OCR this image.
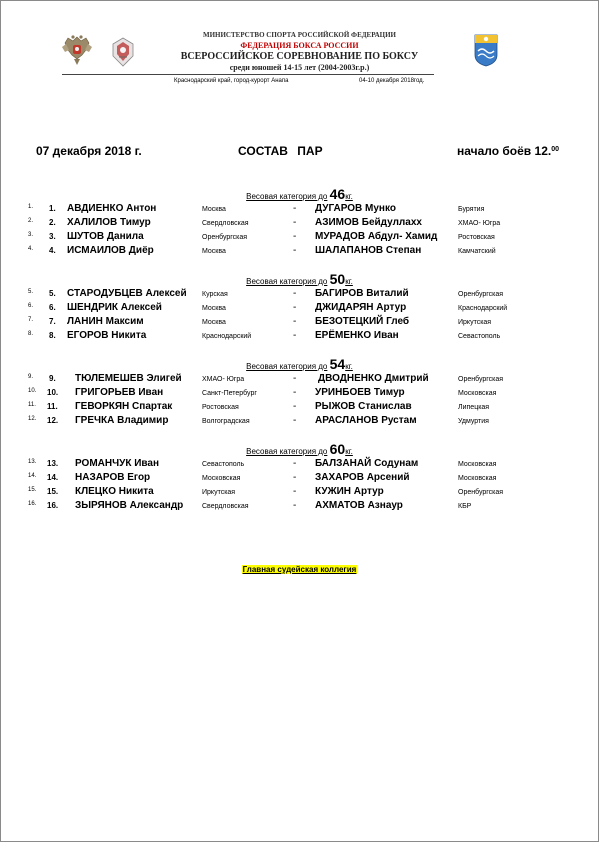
МИНИСТЕРСТВО СПОРТА РОССИЙСКОЙ ФЕДЕРАЦИИ
ФЕДЕРАЦИЯ БОКСА РОССИИ
ВСЕРОССИЙСКОЕ СОРЕВНОВАНИЕ ПО БОКСУ
среди юношей 14-15 лет (2004-2003г.р.)
Краснодарский край, город-курорт Анапа	04-10 декабря 2018год.
07 декабря 2018 г.	СОСТАВ ПАР	начало боёв 12.00
Весовая категория до 46кг.
1. 1. АВДИЕНКО Антон	Москва	- ДУГАРОВ Мунко	Бурятия
2. 2. ХАЛИЛОВ Тимур	Свердловская	- АЗИМОВ Бейдуллахх	ХМАО- Югра
3. 3. ШУТОВ Данила	Оренбургская	- МУРАДОВ Абдул- Хамид	Ростовская
4. 4. ИСМАИЛОВ Диёр	Москва	- ШАЛАПАНОВ Степан	Камчатский
Весовая категория до 50кг.
5. 5. СТАРОДУБЦЕВ Алексей Курская	- БАГИРОВ Виталий	Оренбургская
6. 6. ШЕНДРИК Алексей	Москва	- ДЖИДАРЯН Артур	Краснодарский
7. 7. ЛАНИН Максим	Москва	- БЕЗОТЕЦКИЙ Глеб	Иркутская
8. 8. ЕГОРОВ Никита	Краснодарский	- ЕРЁМЕНКО Иван	Севастополь
Весовая категория до 54кг.
9. 9. ТЮЛЕМЕШЕВ Элигей	ХМАО- Югра	- ДВОДНЕНКО Дмитрий	Оренбургская
10. 10. ГРИГОРЬЕВ Иван	Санкт-Петербург	- УРИНБОЕВ Тимур	Московская
11. 11. ГЕВОРКЯН Спартак	Ростовская	- РЫЖОВ Станислав	Липецкая
12. 12. ГРЕЧКА Владимир	Волгоградская	- АРАСЛАНОВ Рустам	Удмуртия
Весовая категория до 60кг.
13. 13. РОМАНЧУК Иван	Севастополь	- БАЛЗАНАЙ Содунам	Московская
14. 14. НАЗАРОВ Егор	Московская	- ЗАХАРОВ Арсений	Московская
15. 15. КЛЕЦКО Никита	Иркутская	- КУЖИН Артур	Оренбургская
16. 16. ЗЫРЯНОВ Александр	Свердловская	- АХМАТОВ Азнаур	КБР
Главная судейская коллегия
